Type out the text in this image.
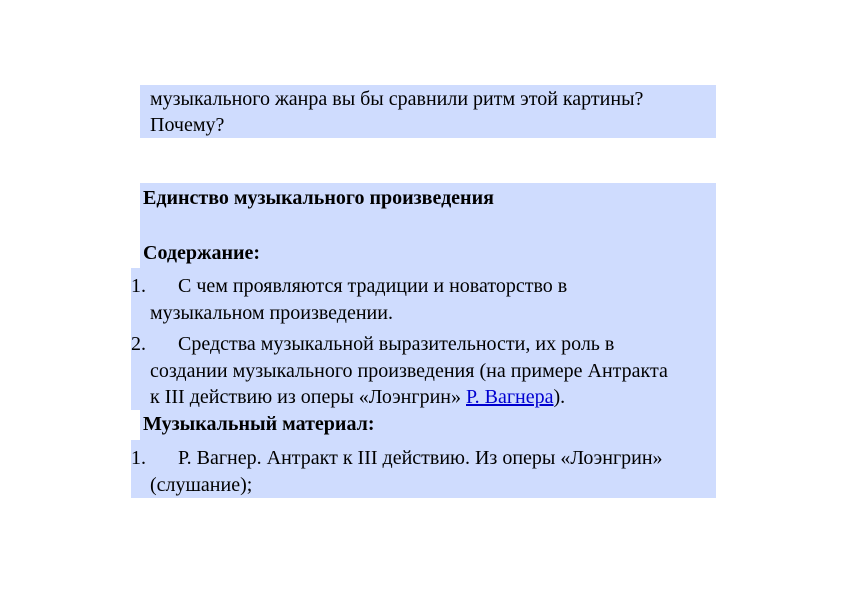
музыкального жанра вы бы сравнили ритм этой картины?
Почему?
Единство музыкального произведения
Содержание:
1. С чем проявляются традиции и новаторство в
музыкальном произведении.
2. Средства музыкальной выразительности, их роль в
создании музыкального произведения (на примере Антракта
к III действию из оперы «Лоэнгрин» Р. Вагнера).
Музыкальный материал:
1. Р. Вагнер. Антракт к III действию. Из оперы «Лоэнгрин»
(слушание);
